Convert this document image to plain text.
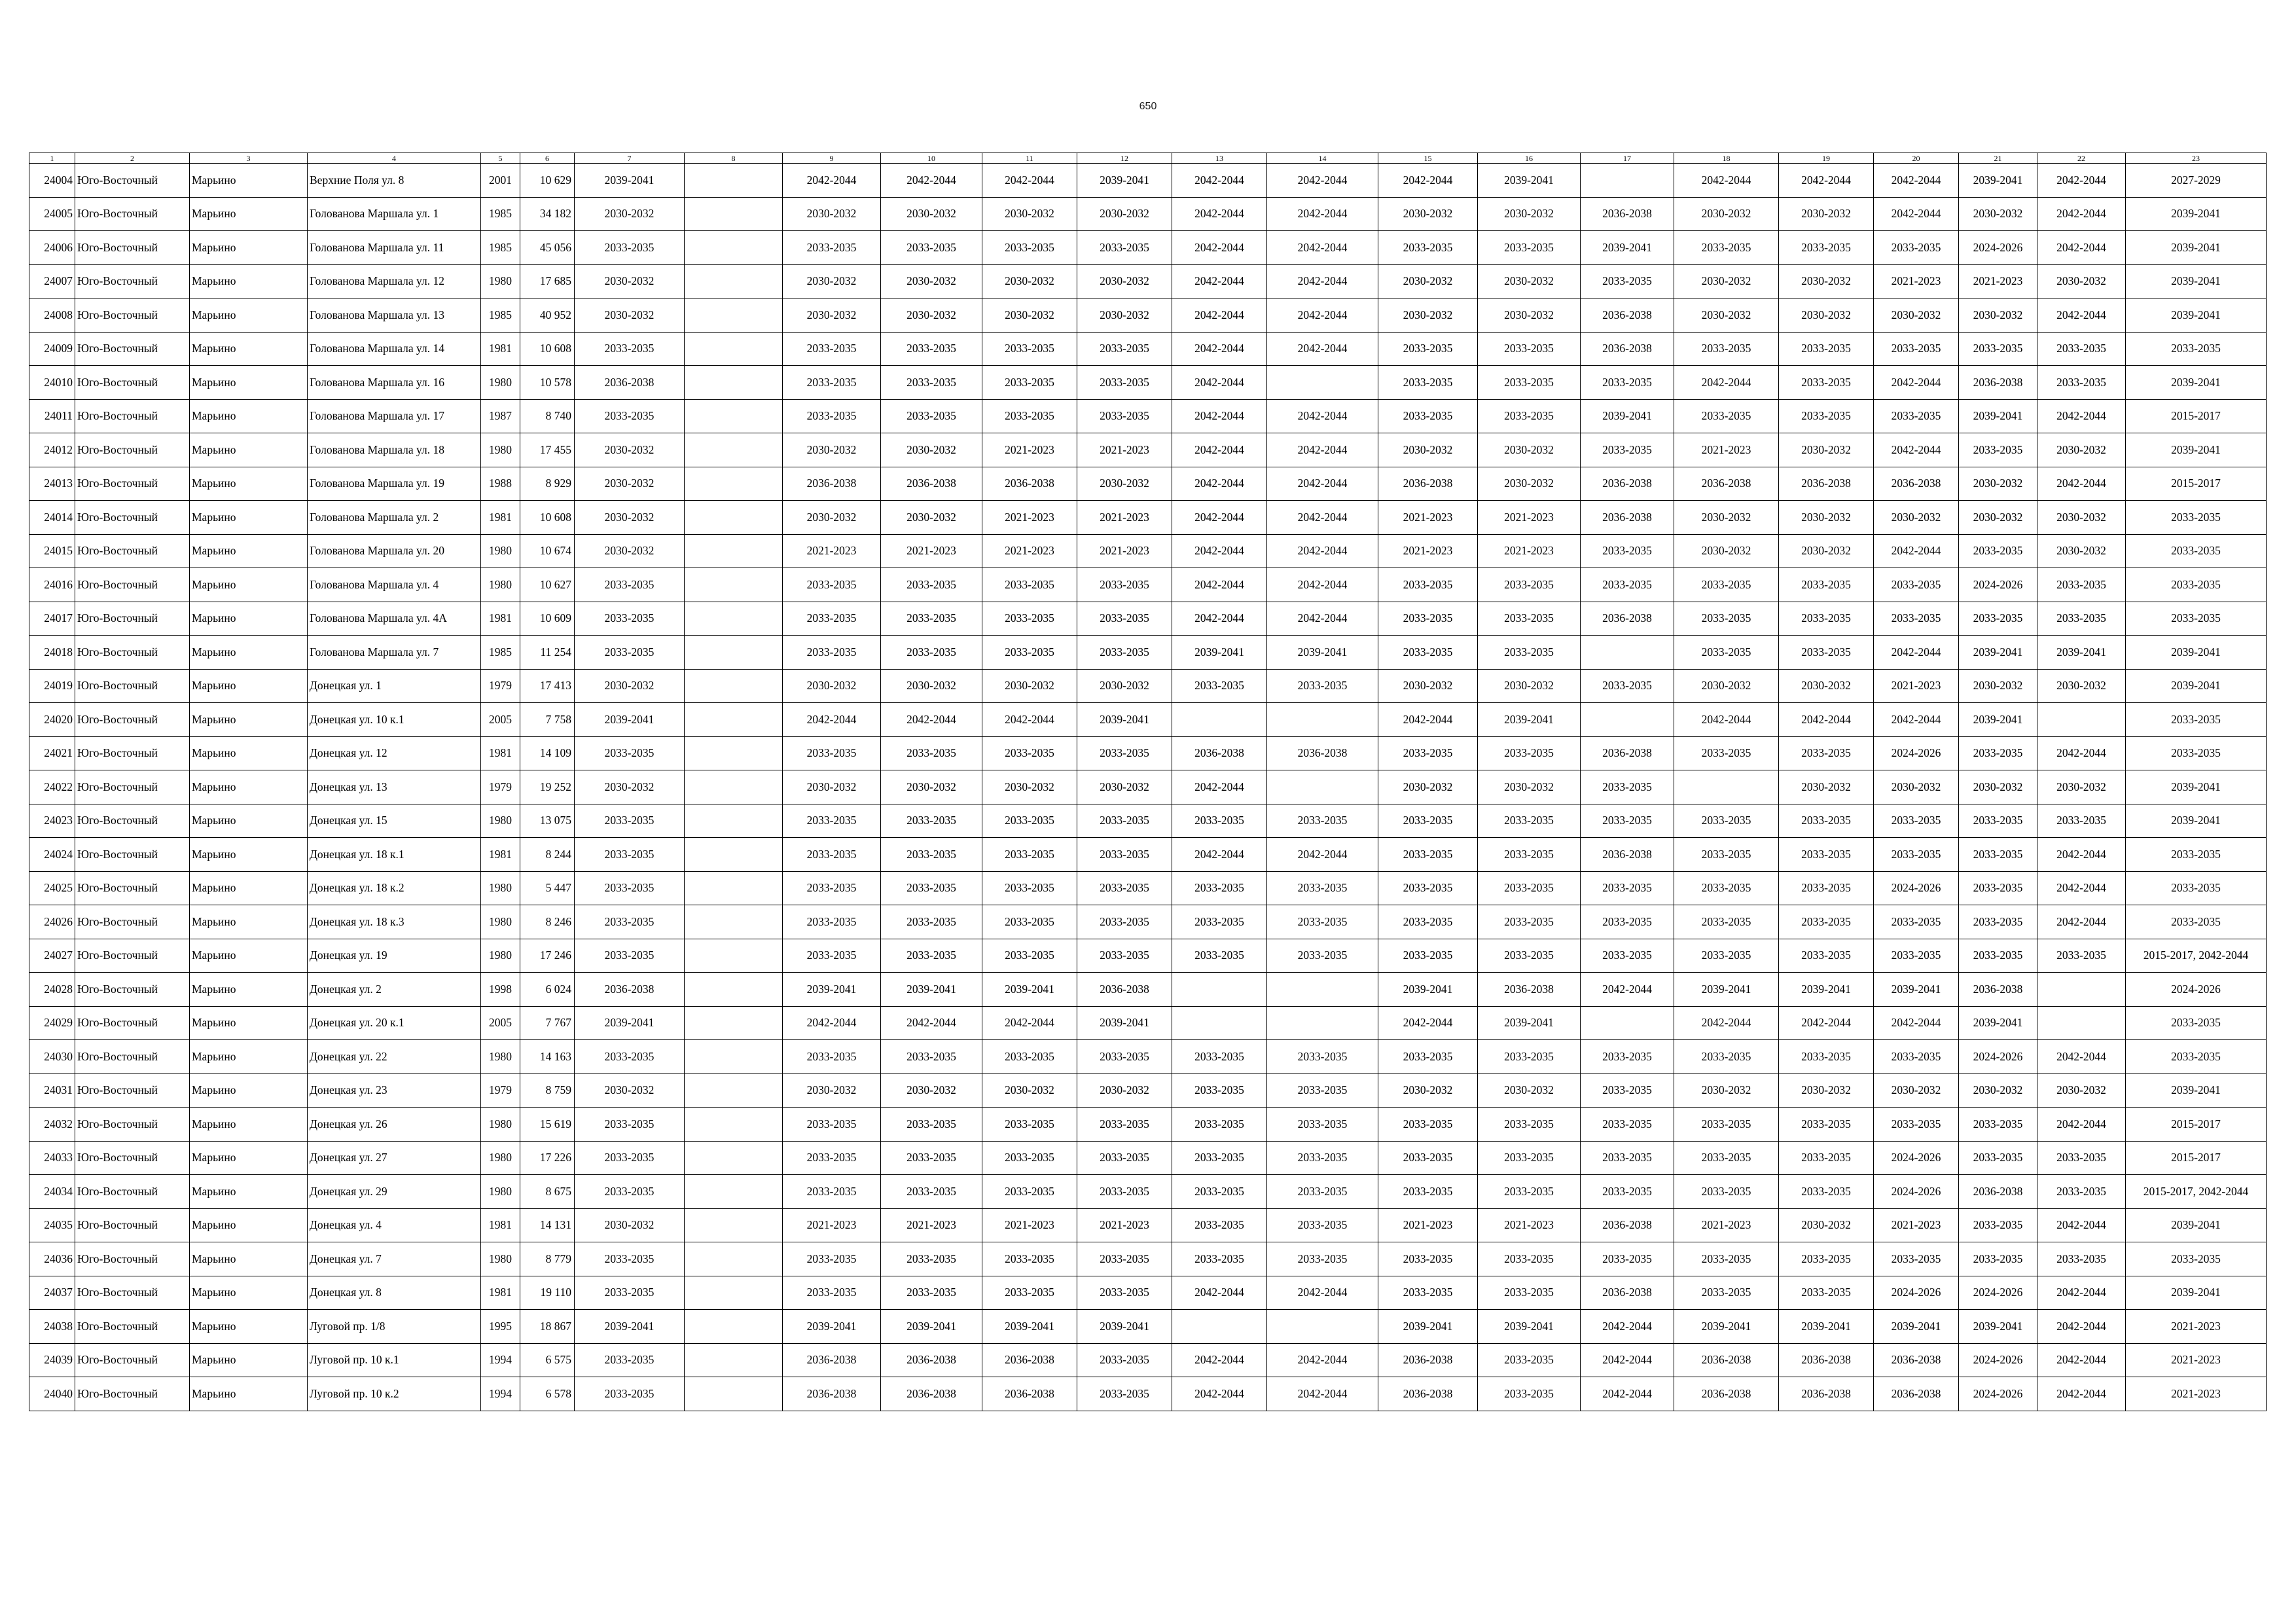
650
1	2	3	4	5	6	7	8	9	10	11	12	13	14	15	16	17	18	19	20	21	22	23
24004	Юго-Восточный	Марьино	Верхние Поля ул. 8	2001	10 629	2039-2041		2042-2044	2042-2044	2042-2044	2039-2041	2042-2044	2042-2044	2042-2044	2039-2041		2042-2044	2042-2044	2042-2044	2039-2041	2042-2044	2027-2029
24005	Юго-Восточный	Марьино	Голованова Маршала ул. 1	1985	34 182	2030-2032		2030-2032	2030-2032	2030-2032	2030-2032	2042-2044	2042-2044	2030-2032	2030-2032	2036-2038	2030-2032	2030-2032	2042-2044	2030-2032	2042-2044	2039-2041
24006	Юго-Восточный	Марьино	Голованова Маршала ул. 11	1985	45 056	2033-2035		2033-2035	2033-2035	2033-2035	2033-2035	2042-2044	2042-2044	2033-2035	2033-2035	2039-2041	2033-2035	2033-2035	2033-2035	2024-2026	2042-2044	2039-2041
24007	Юго-Восточный	Марьино	Голованова Маршала ул. 12	1980	17 685	2030-2032		2030-2032	2030-2032	2030-2032	2030-2032	2042-2044	2042-2044	2030-2032	2030-2032	2033-2035	2030-2032	2030-2032	2021-2023	2021-2023	2030-2032	2039-2041
24008	Юго-Восточный	Марьино	Голованова Маршала ул. 13	1985	40 952	2030-2032		2030-2032	2030-2032	2030-2032	2030-2032	2042-2044	2042-2044	2030-2032	2030-2032	2036-2038	2030-2032	2030-2032	2030-2032	2030-2032	2042-2044	2039-2041
24009	Юго-Восточный	Марьино	Голованова Маршала ул. 14	1981	10 608	2033-2035		2033-2035	2033-2035	2033-2035	2033-2035	2042-2044	2042-2044	2033-2035	2033-2035	2036-2038	2033-2035	2033-2035	2033-2035	2033-2035	2033-2035	2033-2035
24010	Юго-Восточный	Марьино	Голованова Маршала ул. 16	1980	10 578	2036-2038		2033-2035	2033-2035	2033-2035	2033-2035	2042-2044		2033-2035	2033-2035	2033-2035	2042-2044	2033-2035	2042-2044	2036-2038	2033-2035	2039-2041
24011	Юго-Восточный	Марьино	Голованова Маршала ул. 17	1987	8 740	2033-2035		2033-2035	2033-2035	2033-2035	2033-2035	2042-2044	2042-2044	2033-2035	2033-2035	2039-2041	2033-2035	2033-2035	2033-2035	2039-2041	2042-2044	2015-2017
24012	Юго-Восточный	Марьино	Голованова Маршала ул. 18	1980	17 455	2030-2032		2030-2032	2030-2032	2021-2023	2021-2023	2042-2044	2042-2044	2030-2032	2030-2032	2033-2035	2021-2023	2030-2032	2042-2044	2033-2035	2030-2032	2039-2041
24013	Юго-Восточный	Марьино	Голованова Маршала ул. 19	1988	8 929	2030-2032		2036-2038	2036-2038	2036-2038	2030-2032	2042-2044	2042-2044	2036-2038	2030-2032	2036-2038	2036-2038	2036-2038	2036-2038	2030-2032	2042-2044	2015-2017
24014	Юго-Восточный	Марьино	Голованова Маршала ул. 2	1981	10 608	2030-2032		2030-2032	2030-2032	2021-2023	2021-2023	2042-2044	2042-2044	2021-2023	2021-2023	2036-2038	2030-2032	2030-2032	2030-2032	2030-2032	2030-2032	2033-2035
24015	Юго-Восточный	Марьино	Голованова Маршала ул. 20	1980	10 674	2030-2032		2021-2023	2021-2023	2021-2023	2021-2023	2042-2044	2042-2044	2021-2023	2021-2023	2033-2035	2030-2032	2030-2032	2042-2044	2033-2035	2030-2032	2033-2035
24016	Юго-Восточный	Марьино	Голованова Маршала ул. 4	1980	10 627	2033-2035		2033-2035	2033-2035	2033-2035	2033-2035	2042-2044	2042-2044	2033-2035	2033-2035	2033-2035	2033-2035	2033-2035	2033-2035	2024-2026	2033-2035	2033-2035
24017	Юго-Восточный	Марьино	Голованова Маршала ул. 4А	1981	10 609	2033-2035		2033-2035	2033-2035	2033-2035	2033-2035	2042-2044	2042-2044	2033-2035	2033-2035	2036-2038	2033-2035	2033-2035	2033-2035	2033-2035	2033-2035	2033-2035
24018	Юго-Восточный	Марьино	Голованова Маршала ул. 7	1985	11 254	2033-2035		2033-2035	2033-2035	2033-2035	2033-2035	2039-2041	2039-2041	2033-2035	2033-2035		2033-2035	2033-2035	2042-2044	2039-2041	2039-2041	2039-2041
24019	Юго-Восточный	Марьино	Донецкая ул. 1	1979	17 413	2030-2032		2030-2032	2030-2032	2030-2032	2030-2032	2033-2035	2033-2035	2030-2032	2030-2032	2033-2035	2030-2032	2030-2032	2021-2023	2030-2032	2030-2032	2039-2041
24020	Юго-Восточный	Марьино	Донецкая ул. 10 к.1	2005	7 758	2039-2041		2042-2044	2042-2044	2042-2044	2039-2041			2042-2044	2039-2041		2042-2044	2042-2044	2042-2044	2039-2041		2033-2035
24021	Юго-Восточный	Марьино	Донецкая ул. 12	1981	14 109	2033-2035		2033-2035	2033-2035	2033-2035	2033-2035	2036-2038	2036-2038	2033-2035	2033-2035	2036-2038	2033-2035	2033-2035	2024-2026	2033-2035	2042-2044	2033-2035
24022	Юго-Восточный	Марьино	Донецкая ул. 13	1979	19 252	2030-2032		2030-2032	2030-2032	2030-2032	2030-2032	2042-2044		2030-2032	2030-2032	2033-2035		2030-2032	2030-2032	2030-2032	2030-2032	2039-2041
24023	Юго-Восточный	Марьино	Донецкая ул. 15	1980	13 075	2033-2035		2033-2035	2033-2035	2033-2035	2033-2035	2033-2035	2033-2035	2033-2035	2033-2035	2033-2035	2033-2035	2033-2035	2033-2035	2033-2035	2033-2035	2039-2041
24024	Юго-Восточный	Марьино	Донецкая ул. 18 к.1	1981	8 244	2033-2035		2033-2035	2033-2035	2033-2035	2033-2035	2042-2044	2042-2044	2033-2035	2033-2035	2036-2038	2033-2035	2033-2035	2033-2035	2033-2035	2042-2044	2033-2035
24025	Юго-Восточный	Марьино	Донецкая ул. 18 к.2	1980	5 447	2033-2035		2033-2035	2033-2035	2033-2035	2033-2035	2033-2035	2033-2035	2033-2035	2033-2035	2033-2035	2033-2035	2033-2035	2024-2026	2033-2035	2042-2044	2033-2035
24026	Юго-Восточный	Марьино	Донецкая ул. 18 к.3	1980	8 246	2033-2035		2033-2035	2033-2035	2033-2035	2033-2035	2033-2035	2033-2035	2033-2035	2033-2035	2033-2035	2033-2035	2033-2035	2033-2035	2033-2035	2042-2044	2033-2035
24027	Юго-Восточный	Марьино	Донецкая ул. 19	1980	17 246	2033-2035		2033-2035	2033-2035	2033-2035	2033-2035	2033-2035	2033-2035	2033-2035	2033-2035	2033-2035	2033-2035	2033-2035	2033-2035	2033-2035	2033-2035	2015-2017, 2042-2044
24028	Юго-Восточный	Марьино	Донецкая ул. 2	1998	6 024	2036-2038		2039-2041	2039-2041	2039-2041	2036-2038			2039-2041	2036-2038	2042-2044	2039-2041	2039-2041	2039-2041	2036-2038		2024-2026
24029	Юго-Восточный	Марьино	Донецкая ул. 20 к.1	2005	7 767	2039-2041		2042-2044	2042-2044	2042-2044	2039-2041			2042-2044	2039-2041		2042-2044	2042-2044	2042-2044	2039-2041		2033-2035
24030	Юго-Восточный	Марьино	Донецкая ул. 22	1980	14 163	2033-2035		2033-2035	2033-2035	2033-2035	2033-2035	2033-2035	2033-2035	2033-2035	2033-2035	2033-2035	2033-2035	2033-2035	2033-2035	2024-2026	2042-2044	2033-2035
24031	Юго-Восточный	Марьино	Донецкая ул. 23	1979	8 759	2030-2032		2030-2032	2030-2032	2030-2032	2030-2032	2033-2035	2033-2035	2030-2032	2030-2032	2033-2035	2030-2032	2030-2032	2030-2032	2030-2032	2030-2032	2039-2041
24032	Юго-Восточный	Марьино	Донецкая ул. 26	1980	15 619	2033-2035		2033-2035	2033-2035	2033-2035	2033-2035	2033-2035	2033-2035	2033-2035	2033-2035	2033-2035	2033-2035	2033-2035	2033-2035	2033-2035	2042-2044	2015-2017
24033	Юго-Восточный	Марьино	Донецкая ул. 27	1980	17 226	2033-2035		2033-2035	2033-2035	2033-2035	2033-2035	2033-2035	2033-2035	2033-2035	2033-2035	2033-2035	2033-2035	2033-2035	2024-2026	2033-2035	2033-2035	2015-2017
24034	Юго-Восточный	Марьино	Донецкая ул. 29	1980	8 675	2033-2035		2033-2035	2033-2035	2033-2035	2033-2035	2033-2035	2033-2035	2033-2035	2033-2035	2033-2035	2033-2035	2033-2035	2024-2026	2036-2038	2033-2035	2015-2017, 2042-2044
24035	Юго-Восточный	Марьино	Донецкая ул. 4	1981	14 131	2030-2032		2021-2023	2021-2023	2021-2023	2021-2023	2033-2035	2033-2035	2021-2023	2021-2023	2036-2038	2021-2023	2030-2032	2021-2023	2033-2035	2042-2044	2039-2041
24036	Юго-Восточный	Марьино	Донецкая ул. 7	1980	8 779	2033-2035		2033-2035	2033-2035	2033-2035	2033-2035	2033-2035	2033-2035	2033-2035	2033-2035	2033-2035	2033-2035	2033-2035	2033-2035	2033-2035	2033-2035	2033-2035
24037	Юго-Восточный	Марьино	Донецкая ул. 8	1981	19 110	2033-2035		2033-2035	2033-2035	2033-2035	2033-2035	2042-2044	2042-2044	2033-2035	2033-2035	2036-2038	2033-2035	2033-2035	2024-2026	2024-2026	2042-2044	2039-2041
24038	Юго-Восточный	Марьино	Луговой пр. 1/8	1995	18 867	2039-2041		2039-2041	2039-2041	2039-2041	2039-2041			2039-2041	2039-2041	2042-2044	2039-2041	2039-2041	2039-2041	2039-2041	2042-2044	2021-2023
24039	Юго-Восточный	Марьино	Луговой пр. 10 к.1	1994	6 575	2033-2035		2036-2038	2036-2038	2036-2038	2033-2035	2042-2044	2042-2044	2036-2038	2033-2035	2042-2044	2036-2038	2036-2038	2036-2038	2024-2026	2042-2044	2021-2023
24040	Юго-Восточный	Марьино	Луговой пр. 10 к.2	1994	6 578	2033-2035		2036-2038	2036-2038	2036-2038	2033-2035	2042-2044	2042-2044	2036-2038	2033-2035	2042-2044	2036-2038	2036-2038	2036-2038	2024-2026	2042-2044	2021-2023
